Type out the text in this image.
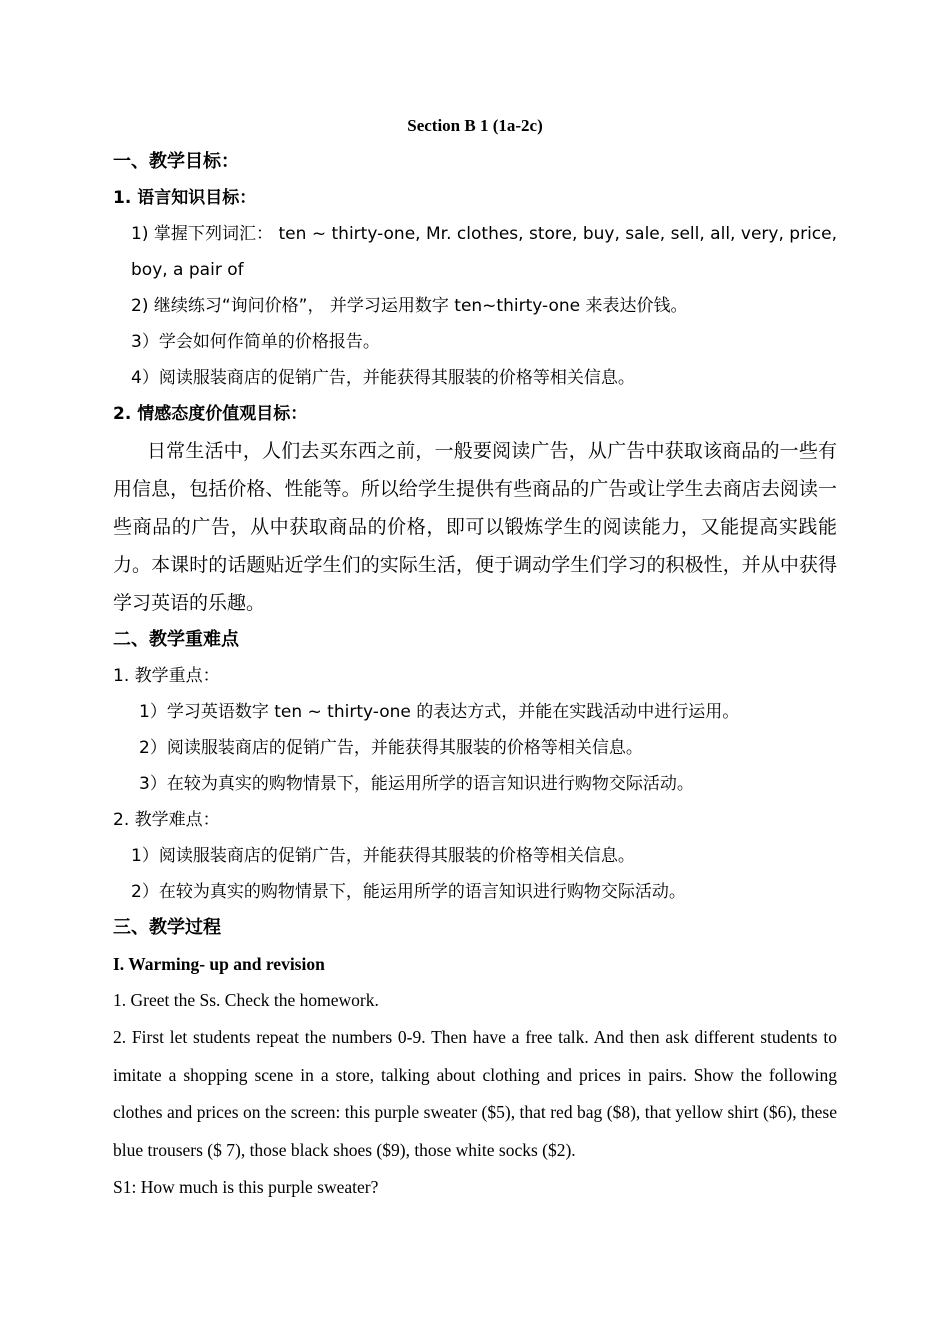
Section B 1 (1a-2c)

一、教学目标：

1. 语言知识目标：

1) 掌握下列词汇： ten ~ thirty-one, Mr. clothes, store, buy, sale, sell, all, very, price, boy, a pair of

2) 继续练习“询问价格”， 并学习运用数字 ten~thirty-one 来表达价钱。

3）学会如何作简单的价格报告。

4）阅读服装商店的促销广告，并能获得其服装的价格等相关信息。

2. 情感态度价值观目标：

日常生活中，人们去买东西之前，一般要阅读广告，从广告中获取该商品的一些有用信息，包括价格、性能等。所以给学生提供有些商品的广告或让学生去商店去阅读一些商品的广告，从中获取商品的价格，即可以锻炼学生的阅读能力，又能提高实践能力。本课时的话题贴近学生们的实际生活，便于调动学生们学习的积极性，并从中获得学习英语的乐趣。

二、教学重难点

1. 教学重点：

1）学习英语数字 ten ~ thirty-one 的表达方式，并能在实践活动中进行运用。

2）阅读服装商店的促销广告，并能获得其服装的价格等相关信息。

3）在较为真实的购物情景下，能运用所学的语言知识进行购物交际活动。

2. 教学难点：

1）阅读服装商店的促销广告，并能获得其服装的价格等相关信息。

2）在较为真实的购物情景下，能运用所学的语言知识进行购物交际活动。

三、教学过程

I. Warming- up and revision

1. Greet the Ss. Check the homework.

2. First let students repeat the numbers 0-9. Then have a free talk. And then ask different students to imitate a shopping scene in a store, talking about clothing and prices in pairs. Show the following clothes and prices on the screen: this purple sweater ($5), that red bag ($8), that yellow shirt ($6), these blue trousers ($ 7), those black shoes ($9), those white socks ($2).

S1: How much is this purple sweater?
